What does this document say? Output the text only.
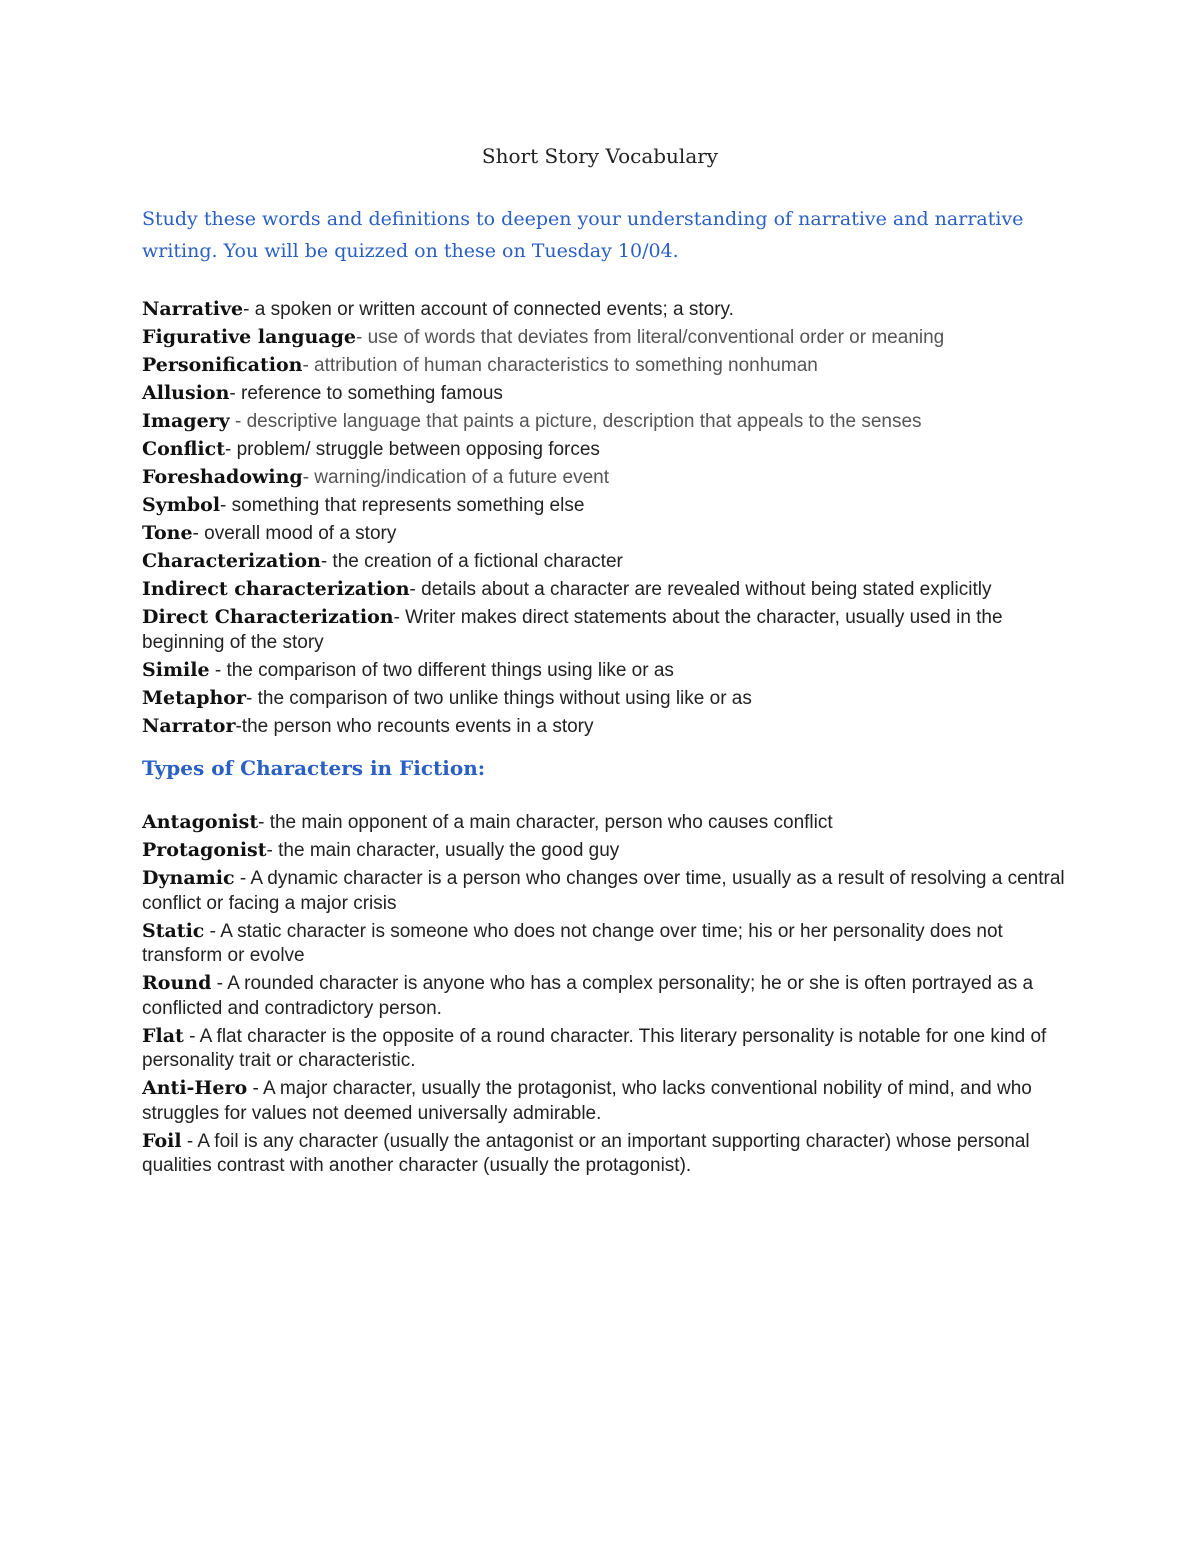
Short Story Vocabulary
Study these words and definitions to deepen your understanding of narrative and narrative writing. You will be quizzed on these on Tuesday 10/04.
Narrative- a spoken or written account of connected events; a story.
Figurative language- use of words that deviates from literal/conventional order or meaning
Personification- attribution of human characteristics to something nonhuman
Allusion- reference to something famous
Imagery - descriptive language that paints a picture, description that appeals to the senses
Conflict- problem/ struggle between opposing forces
Foreshadowing- warning/indication of a future event
Symbol- something that represents something else
Tone- overall mood of a story
Characterization- the creation of a fictional character
Indirect characterization- details about a character are revealed without being stated explicitly
Direct Characterization- Writer makes direct statements about the character, usually used in the beginning of the story
Simile - the comparison of two different things using like or as
Metaphor- the comparison of two unlike things without using like or as
Narrator-the person who recounts events in a story
Types of Characters in Fiction:
Antagonist- the main opponent of a main character, person who causes conflict
Protagonist- the main character, usually the good guy
Dynamic - A dynamic character is a person who changes over time, usually as a result of resolving a central conflict or facing a major crisis
Static - A static character is someone who does not change over time; his or her personality does not transform or evolve
Round - A rounded character is anyone who has a complex personality; he or she is often portrayed as a conflicted and contradictory person.
Flat - A flat character is the opposite of a round character. This literary personality is notable for one kind of personality trait or characteristic.
Anti-Hero - A major character, usually the protagonist, who lacks conventional nobility of mind, and who struggles for values not deemed universally admirable.
Foil - A foil is any character (usually the antagonist or an important supporting character) whose personal qualities contrast with another character (usually the protagonist).
